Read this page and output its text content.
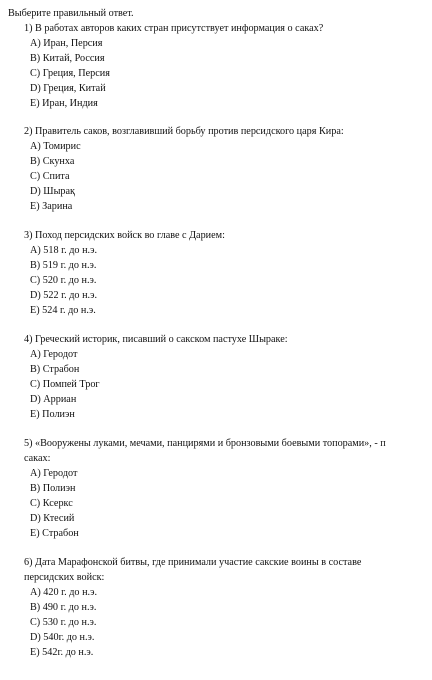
Выберите правильный ответ.
1) В работах авторов каких стран присутствует информация о саках?
A) Иран, Персия
B) Китай, Россия
C) Греция, Персия
D) Греция, Китай
E) Иран, Индия
2) Правитель саков, возглавивший борьбу против персидского царя Кира:
A) Томирис
B) Скунха
C) Спита
D) Шырақ
E) Зарина
3) Поход персидских войск во главе с Дарием:
A) 518 г. до н.э.
B) 519 г. до н.э.
C) 520 г. до н.э.
D) 522 г. до н.э.
E) 524 г. до н.э.
4) Греческий историк, писавший о сакском пастухе Шыраке:
A) Геродот
B) Страбон
C) Помпей Трог
D) Арриан
E) Полиэн
5) «Вооружены луками, мечами, панцирями и бронзовыми боевыми топорами», - п
саках:
A) Геродот
B) Полиэн
C) Ксеркс
D) Ктесий
E) Страбон
6) Дата Марафонской битвы, где принимали участие сакские воины в составе
персидских войск:
A) 420 г. до н.э.
B) 490 г. до н.э.
C) 530 г. до н.э.
D) 540г. до н.э.
E) 542г. до н.э.
